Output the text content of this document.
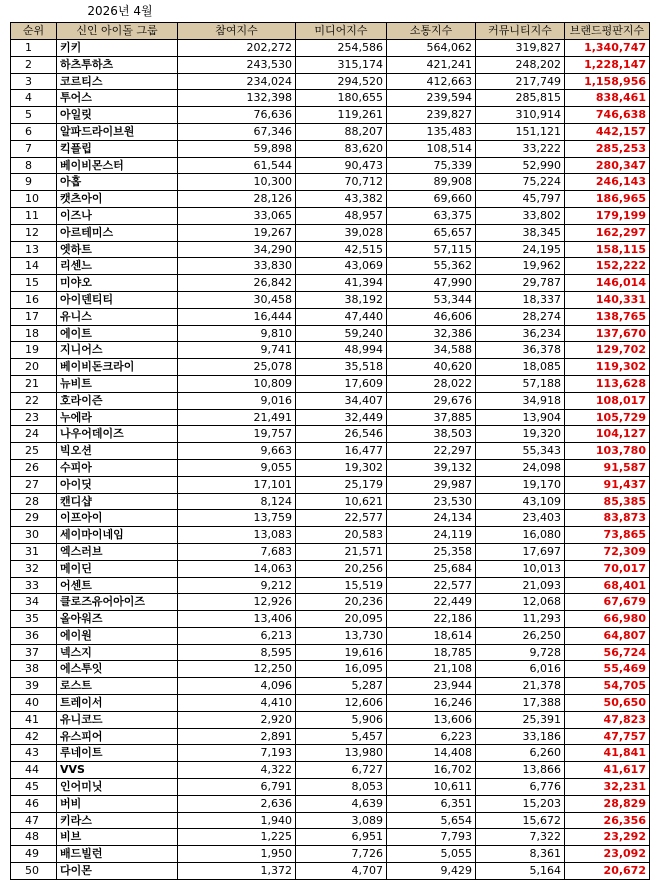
2026년 4월
순위	신인 아이돌 그룹	참여지수	미디어지수	소통지수	커뮤니티지수	브랜드평판지수
1	키키	202,272	254,586	564,062	319,827	1,340,747
2	하츠투하츠	243,530	315,174	421,241	248,202	1,228,147
3	코르티스	234,024	294,520	412,663	217,749	1,158,956
4	투어스	132,398	180,655	239,594	285,815	838,461
5	아일릿	76,636	119,261	239,827	310,914	746,638
6	알파드라이브원	67,346	88,207	135,483	151,121	442,157
7	킥플립	59,898	83,620	108,514	33,222	285,253
8	베이비몬스터	61,544	90,473	75,339	52,990	280,347
9	아홉	10,300	70,712	89,908	75,224	246,143
10	캣츠아이	28,126	43,382	69,660	45,797	186,965
11	이즈나	33,065	48,957	63,375	33,802	179,199
12	아르테미스	19,267	39,028	65,657	38,345	162,297
13	엣하트	34,290	42,515	57,115	24,195	158,115
14	리센느	33,830	43,069	55,362	19,962	152,222
15	미야오	26,842	41,394	47,990	29,787	146,014
16	아이덴티티	30,458	38,192	53,344	18,337	140,331
17	유니스	16,444	47,440	46,606	28,274	138,765
18	에이트	9,810	59,240	32,386	36,234	137,670
19	지니어스	9,741	48,994	34,588	36,378	129,702
20	베이비돈크라이	25,078	35,518	40,620	18,085	119,302
21	뉴비트	10,809	17,609	28,022	57,188	113,628
22	호라이즌	9,016	34,407	29,676	34,918	108,017
23	누에라	21,491	32,449	37,885	13,904	105,729
24	나우어데이즈	19,757	26,546	38,503	19,320	104,127
25	빅오션	9,663	16,477	22,297	55,343	103,780
26	수피아	9,055	19,302	39,132	24,098	91,587
27	아이딧	17,101	25,179	29,987	19,170	91,437
28	캔디샵	8,124	10,621	23,530	43,109	85,385
29	이프아이	13,759	22,577	24,134	23,403	83,873
30	세이마이네임	13,083	20,583	24,119	16,080	73,865
31	엑스러브	7,683	21,571	25,358	17,697	72,309
32	메이딘	14,063	20,256	25,684	10,013	70,017
33	어센트	9,212	15,519	22,577	21,093	68,401
34	클로즈유어아이즈	12,926	20,236	22,449	12,068	67,679
35	올아워즈	13,406	20,095	22,186	11,293	66,980
36	에이원	6,213	13,730	18,614	26,250	64,807
37	넥스지	8,595	19,616	18,785	9,728	56,724
38	에스투잇	12,250	16,095	21,108	6,016	55,469
39	로스트	4,096	5,287	23,944	21,378	54,705
40	트레이서	4,410	12,606	16,246	17,388	50,650
41	유니코드	2,920	5,906	13,606	25,391	47,823
42	유스피어	2,891	5,457	6,223	33,186	47,757
43	루네이트	7,193	13,980	14,408	6,260	41,841
44	VVS	4,322	6,727	16,702	13,866	41,617
45	인어미닛	6,791	8,053	10,611	6,776	32,231
46	버비	2,636	4,639	6,351	15,203	28,829
47	키라스	1,940	3,089	5,654	15,672	26,356
48	비브	1,225	6,951	7,793	7,322	23,292
49	배드빌런	1,950	7,726	5,055	8,361	23,092
50	다이몬	1,372	4,707	9,429	5,164	20,672
